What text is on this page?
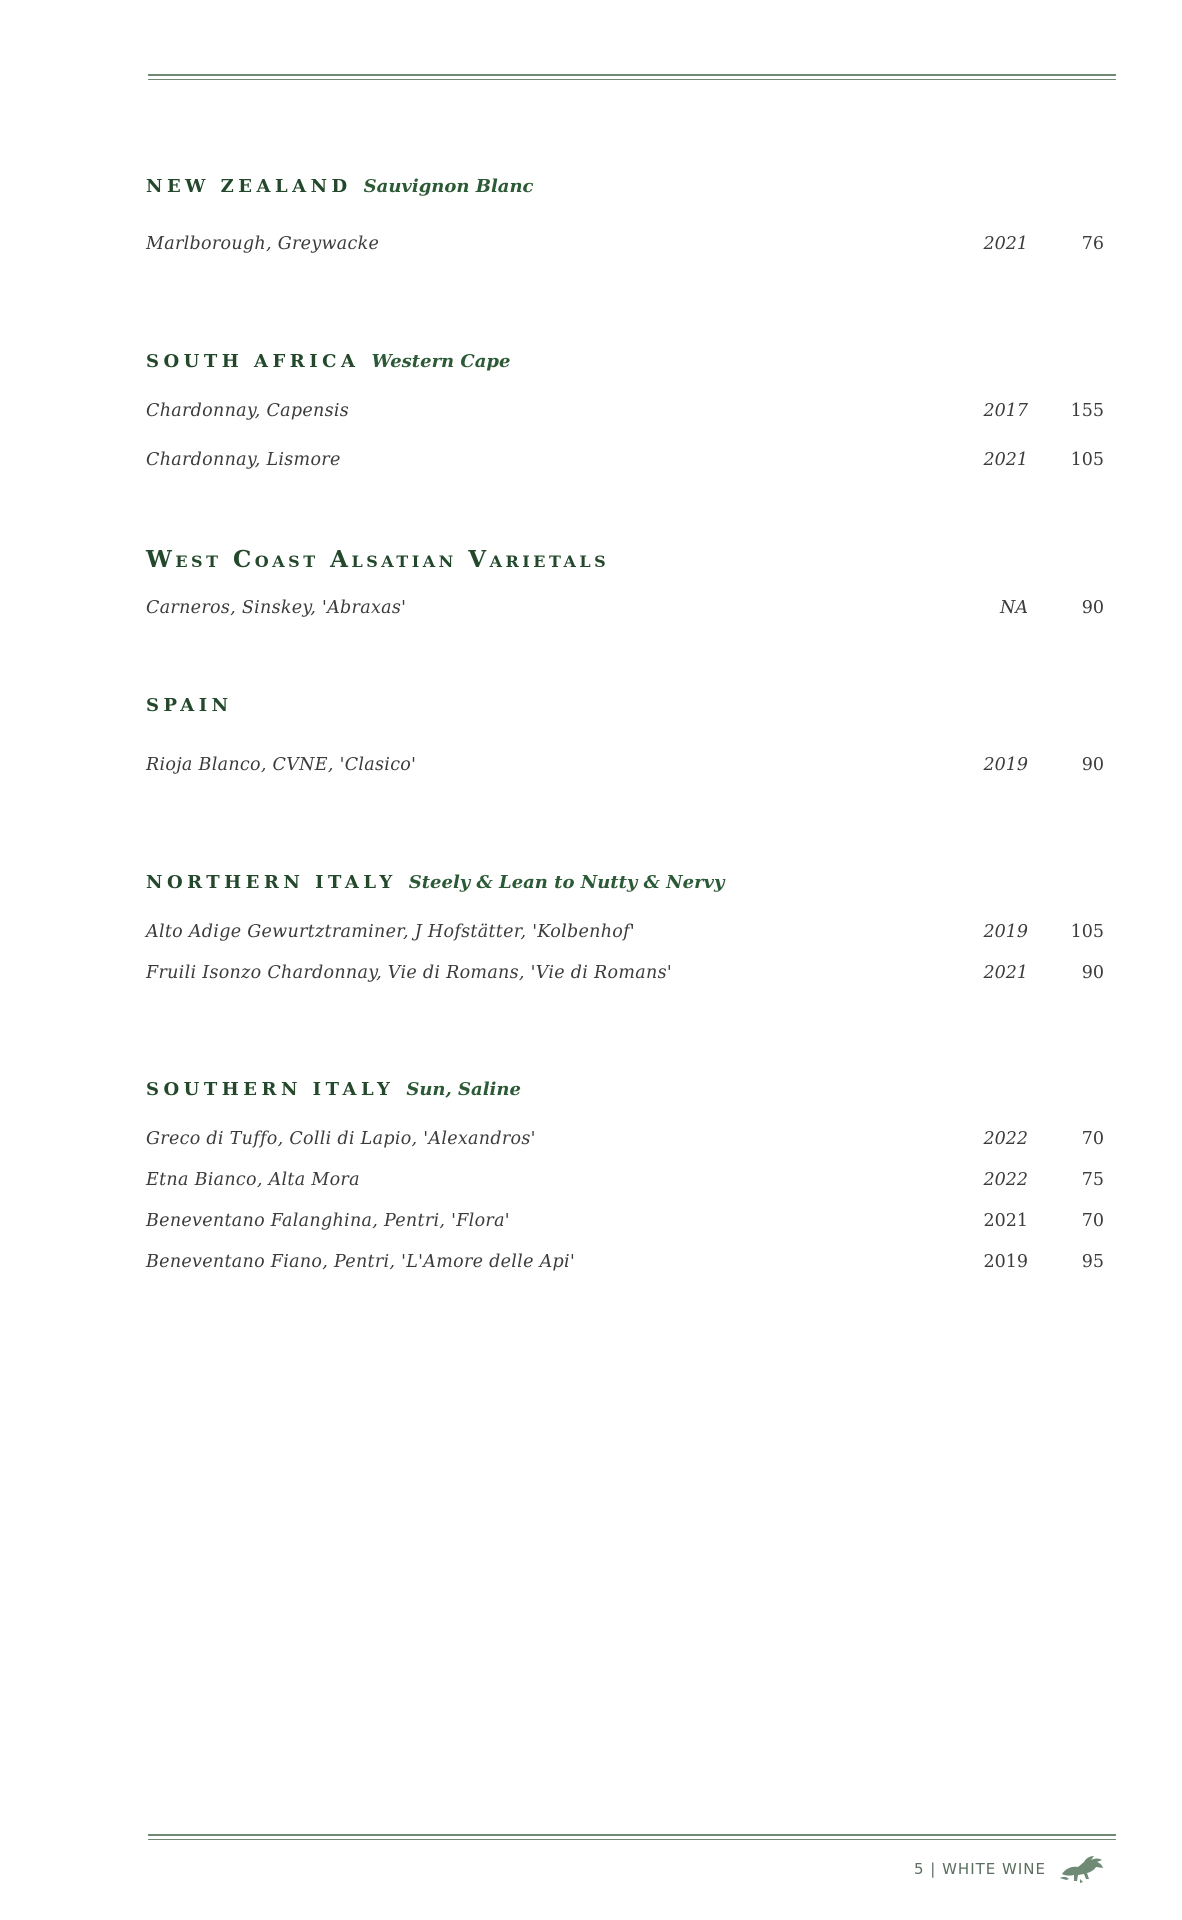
NEW ZEALAND Sauvignon Blanc
Marlborough, Greywacke	2021	76
SOUTH AFRICA Western Cape
Chardonnay, Capensis	2017 155
Chardonnay, Lismore	2021 105
West Coast Alsatian Varietals
Carneros, Sinskey, 'Abraxas'	NA	90
SPAIN
Rioja Blanco, CVNE, 'Clasico'	2019	90
NORTHERN ITALY Steely & Lean to Nutty & Nervy
Alto Adige Gewurtztraminer, J Hofstätter, 'Kolbenhof'	2019 105
Fruili Isonzo Chardonnay, Vie di Romans, 'Vie di Romans'	2021	90
SOUTHERN ITALY Sun, Saline
Greco di Tuffo, Colli di Lapio, 'Alexandros'	2022	70
Etna Bianco, Alta Mora	2022	75
Beneventano Falanghina, Pentri, 'Flora'	2021	70
Beneventano Fiano, Pentri, 'L'Amore delle Api'	2019	95
5 | WHITE WINE
